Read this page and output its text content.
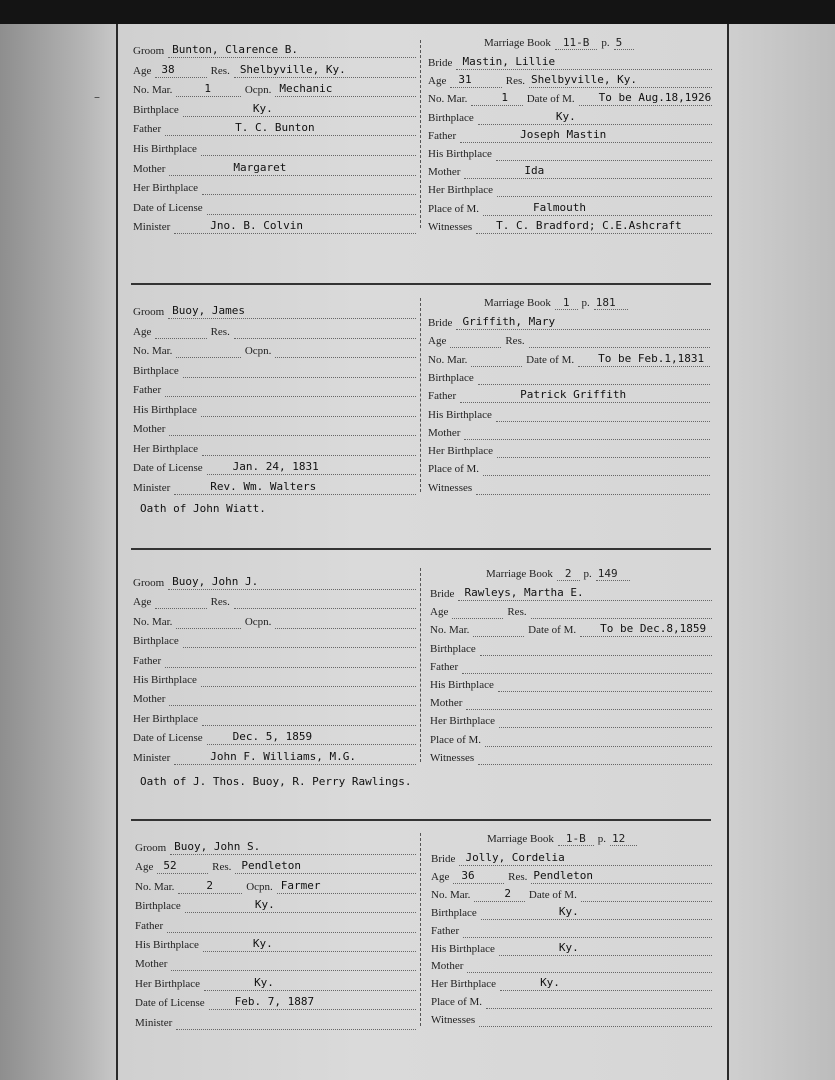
–
Groom Bunton, Clarence B.
Age 38	Res. Shelbyville, Ky.
No. Mar.	1	Ocpn. Mechanic
Birthplace	Ky.
Father	T. C. Bunton
His Birthplace
Mother	Margaret
Her Birthplace
Date of License
Minister	Jno. B. Colvin
Marriage Book	11-B	p. 5
Bride Mastin, Lillie
Age 31	Res. Shelbyville, Ky.
No. Mar.	1 Date of M. To be Aug.18,1926
Birthplace	Ky.
Father	Joseph Mastin
His Birthplace
Mother	Ida
Her Birthplace
Place of M.	Falmouth
Witnesses T. C. Bradford; C.E.Ashcraft
Groom Buoy, James
Age	Res.
No. Mar.	Ocpn.
Birthplace
Father
His Birthplace
Mother
Her Birthplace
Date of License	Jan. 24, 1831
Minister	Rev. Wm. Walters
Marriage Book	1	p. 181
Bride Griffith, Mary
Age	Res.
No. Mar.	Date of M. To be Feb.1,1831
Birthplace
Father	Patrick Griffith
His Birthplace
Mother
Her Birthplace
Place of M.
Witnesses
Oath of John Wiatt.
Groom Buoy, John J.
Age	Res.
No. Mar.	Ocpn.
Birthplace
Father
His Birthplace
Mother
Her Birthplace
Date of License	Dec. 5, 1859
Minister	John F. Williams, M.G.
Marriage Book	2	p. 149
Bride Rawleys, Martha E.
Age	Res.
No. Mar.	Date of M. To be Dec.8,1859
Birthplace
Father
His Birthplace
Mother
Her Birthplace
Place of M.
Witnesses
Oath of J. Thos. Buoy, R. Perry Rawlings.
Groom Buoy, John S.
Age 52	Res. Pendleton
No. Mar.	2	Ocpn. Farmer
Birthplace	Ky.
Father
His Birthplace	Ky.
Mother
Her Birthplace	Ky.
Date of License	Feb. 7, 1887
Minister
Marriage Book	1-B	p. 12
Bride Jolly, Cordelia
Age 36	Res. Pendleton
No. Mar.	2 Date of M.
Birthplace	Ky.
Father
His Birthplace	Ky.
Mother
Her Birthplace	Ky.
Place of M.
Witnesses
